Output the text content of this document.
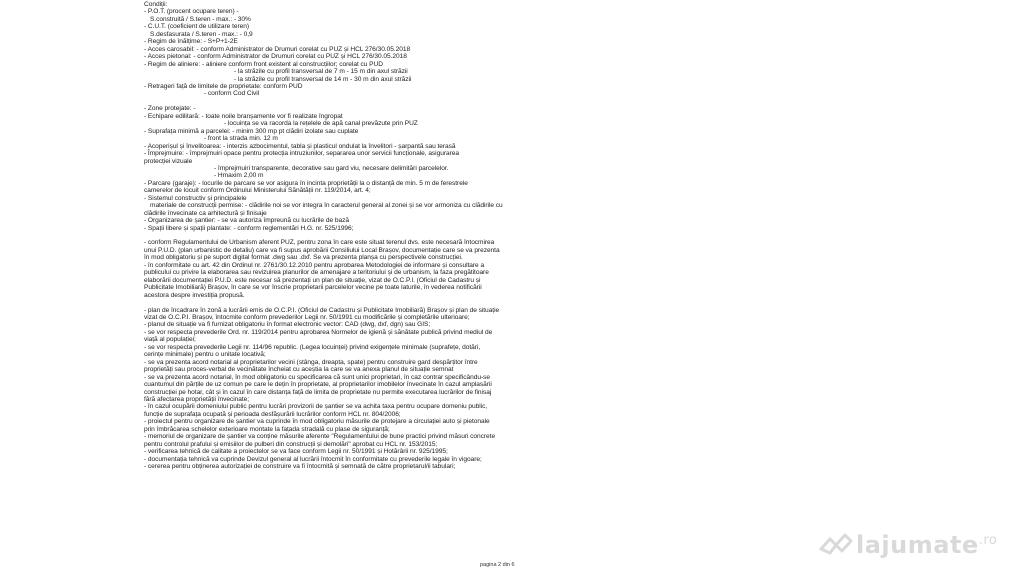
Condiții:
- P.O.T. (procent ocupare teren) -
S.construită / S.teren - max.: - 30%
- C.U.T. (coeficient de utilizare teren)
S.desfasurata / S.teren - max.: - 0,9
- Regim de înălțime: - S+P+1-2E
- Acces carosabil: - conform Administrator de Drumuri corelat cu PUZ și HCL 276/30.05.2018
- Acces pietonal: - conform Administrator de Drumuri corelat cu PUZ și HCL 276/30.05.2018
- Regim de aliniere: - aliniere conform front existent al construcțiilor; corelat cu PUD
- la străzile cu profil transversal de 7 m - 15 m din axul străzii
- la străzile cu profil transversal de 14 m - 30 m din axul străzii
- Retrageri față de limitele de proprietate: conform PUD
- conform Cod Civil
- Zone protejate: -
- Echipare edilitară: - toate noile branșamente vor fi realizate îngropat
- locuința se va racorda la rețelele de apă canal prevăzute prin PUZ
- Suprafața minimă a parcelei: - minim 300 mp pt clădiri izolate sau cuplate
- front la strada min. 12 m
- Acoperișul și învelitoarea: - interzis azbocimentul, tabla și plasticul ondulat la învelitori - șarpantă sau terasă
- Împrejmuire: - împrejmuiri opace pentru protecția intruziunilor, separarea unor servicii funcționale, asigurarea
protecției vizuale
- împrejmuiri transparente, decorative sau gard viu, necesare delimitări parcelelor.
- Hmaxim 2,00 m
- Parcare (garaje): - locurile de parcare se vor asigura în incinta proprietății la o distanță de min. 5 m de ferestrele
camerelor de locuit conform Ordinului Ministerului Sănătății nr. 119/2014, art. 4;
- Sistemul constructiv și principalele
materiale de construcții permise: - clădirile noi se vor integra în caracterul general al zonei și se vor armoniza cu clădirile cu
clădirile învecinate ca arhitectură și finisaje
- Organizarea de șantier: - se va autoriza împreună cu lucrările de bază
- Spații libere și spații plantate: - conform reglementări H.G. nr. 525/1996;
- conform Regulamentului de Urbanism aferent PUZ, pentru zona în care este situat terenul dvs. este necesară întocmirea
unui P.U.D. (plan urbanistic de detaliu) care va fi supus aprobării Consiliului Local Brașov, documentație care se va prezenta
în mod obligatoriu și pe suport digital format .dwg sau .dxf. Se va prezenta planșa cu perspectivele construcției.
- în conformitate cu art. 42 din Ordinul nr. 2761/30.12.2010 pentru aprobarea Metodologiei de informare și consultare a
publicului cu privire la elaborarea sau revizuirea planurilor de amenajare a teritoriului și de urbanism, la faza pregătitoare
elaborării documentației P.U.D. este necesar să prezentați un plan de situație, vizat de O.C.P.I. (Oficiul de Cadastru și
Publicitate Imobiliară) Brașov, în care se vor înscrie proprietarii parcelelor vecine pe toate laturile, în vederea notificării
acestora despre investiția propusă.
- plan de încadrare în zonă a lucrării emis de O.C.P.I. (Oficiul de Cadastru și Publicitate Imobiliară) Brașov și plan de situație
vizat de O.C.P.I. Brașov, întocmite conform prevederilor Legii nr. 50/1991 cu modificările și completările ulterioare;
- planul de situație va fi furnizat obligatoriu în format electronic vector: CAD (dwg, dxf, dgn) sau GIS;
- se vor respecta prevederile Ord. nr. 119/2014 pentru aprobarea Normelor de igienă și sănătate publică privind mediul de
viață al populației;
- se vor respecta prevederile Legii nr. 114/96 republic. (Legea locuinței) privind exigențele minimale (suprafețe, dotări,
cerințe minimale) pentru o unitate locativă;
- se va prezenta acord notarial al proprietarilor vecini (stânga, dreapta, spate) pentru construire gard despărțitor între
proprietăți sau proces-verbal de vecinătate încheiat cu aceștia la care se va anexa planul de situație semnat
- se va prezenta acord notarial, în mod obligatoriu cu specificarea că sunt unici proprietari, în caz contrar specificându-se
cuantumul din părțile de uz comun pe care le dețin în proprietate, al proprietarilor imobilelor învecinate în cazul amplasării
construcției pe hotar, cât și în cazul în care distanța față de limita de proprietate nu permite executarea lucrărilor de finisaj
fără afectarea proprietății învecinate;
- în cazul ocupării domeniului public pentru lucrări provizorii de șantier se va achita taxa pentru ocupare domeniu public,
funcție de suprafața ocupată și perioada desfășurării lucrărilor conform HCL nr. 804/2006;
- proiectul pentru organizare de șantier va cuprinde în mod obligatoriu măsurile de protejare a circulației auto și pietonale
prin îmbrăcarea schelelor exterioare montate la fațada stradală cu plase de siguranță;
- memoriul de organizare de șantier va conține măsurile aferente "Regulamentului de bune practici privind măsuri concrete
pentru controlul prafului și emisiilor de pulberi din construcții și demolări" aprobat cu HCL nr. 153/2015;
- verificarea tehnică de calitate a proiectelor se va face conform Legii nr. 50/1991 și Hotărârii nr. 925/1995;
- documentația tehnică va cuprinde Devizul general al lucrării întocmit în conformitate cu prevederile legale în vigoare;
- cererea pentru obținerea autorizației de construire va fi întocmită și semnată de către proprietarul/ii tabulari;
pagina 2 din 6
lajumate$^{.ro}$
